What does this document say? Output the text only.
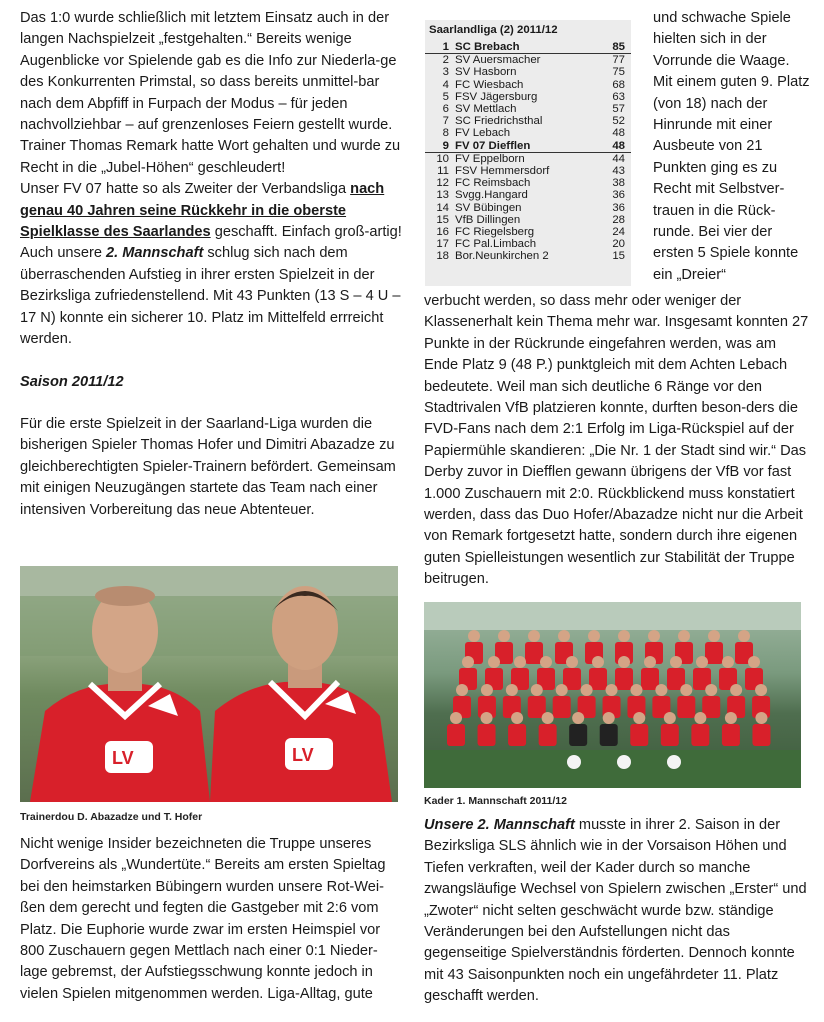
Das 1:0 wurde schließlich mit letztem Einsatz auch in der langen Nachspielzeit „festgehalten.“ Bereits wenige Augenblicke vor Spielende gab es die Info zur Niederla-ge des Konkurrenten Primstal, so dass bereits unmittel-bar nach dem Abpfiff in Furpach der Modus – für jeden nachvollziehbar – auf grenzenloses Feiern gestellt wurde. Trainer Thomas Remark hatte Wort gehalten und wurde zu Recht in die „Jubel-Höhen“ geschleudert!

Unser FV 07 hatte so als Zweiter der Verbandsliga nach genau 40 Jahren seine Rückkehr in die oberste Spielklasse des Saarlandes geschafft. Einfach groß-artig!

Auch unsere 2. Mannschaft schlug sich nach dem überraschenden Aufstieg in ihrer ersten Spielzeit in der Bezirksliga zufriedenstellend. Mit 43 Punkten (13 S – 4 U – 17 N) konnte ein sicherer 10. Platz im Mittelfeld errreicht werden.

Saison 2011/12

Für die erste Spielzeit in der Saarland-Liga wurden die bisherigen Spieler Thomas Hofer und Dimitri Abazadze zu gleichberechtigten Spieler-Trainern befördert. Gemeinsam mit einigen Neuzugängen startete das Team nach einer intensiven Vorbereitung das neue Abtenteuer.

LV	LV
Trainerdou D. Abazadze und T. Hofer

Nicht wenige Insider bezeichneten die Truppe unseres Dorfvereins als „Wundertüte.“ Bereits am ersten Spieltag bei den heimstarken Bübingern wurden unsere Rot-Wei-ßen dem gerecht und fegten die Gastgeber mit 2:6 vom Platz. Die Euphorie wurde zwar im ersten Heimspiel vor 800 Zuschauern gegen Mettlach nach einer 0:1 Nieder-lage gebremst, der Aufstiegsschwung konnte jedoch in vielen Spielen mitgenommen werden. Liga-Alltag, gute

Saarlandliga (2) 2011/12
1	SC Brebach	85
2	SV Auersmacher	77
3	SV Hasborn	75
4	FC Wiesbach	68
5	FSV Jägersburg	63
6	SV Mettlach	57
7	SC Friedrichsthal	52
8	FV Lebach	48
9	FV 07 Diefflen	48
10	FV Eppelborn	44
11	FSV Hemmersdorf	43
12	FC Reimsbach	38
13	Svgg.Hangard	36
14	SV Bübingen	36
15	VfB Dillingen	28
16	FC Riegelsberg	24
17	FC Pal.Limbach	20
18	Bor.Neunkirchen 2	15

und schwache Spiele hielten sich in der Vorrunde die Waage. Mit einem guten 9. Platz (von 18) nach der Hinrunde mit einer Ausbeute von 21 Punkten ging es zu Recht mit Selbstver-trauen in die Rück-runde. Bei vier der ersten 5 Spiele konnte ein „Dreier“

verbucht werden, so dass mehr oder weniger der Klassenerhalt kein Thema mehr war. Insgesamt konnten 27 Punkte in der Rückrunde eingefahren werden, was am Ende Platz 9 (48 P.) punktgleich mit dem Achten Lebach bedeutete. Weil man sich deutliche 6 Ränge vor den Stadtrivalen VfB platzieren konnte, durften beson-ders die FVD-Fans nach dem 2:1 Erfolg im Liga-Rückspiel auf der Papiermühle skandieren: „Die Nr. 1 der Stadt sind wir.“ Das Derby zuvor in Diefflen gewann übrigens der VfB vor fast 1.000 Zuschauern mit 2:0. Rückblickend muss konstatiert werden, dass das Duo Hofer/Abazadze nicht nur die Arbeit von Remark fortgesetzt hatte, sondern durch ihre eigenen guten Spielleistungen wesentlich zur Stabilität der Truppe beitrugen.

Kader 1. Mannschaft 2011/12

Unsere 2. Mannschaft musste in ihrer 2. Saison in der Bezirksliga SLS ähnlich wie in der Vorsaison Höhen und Tiefen verkraften, weil der Kader durch so manche zwangsläufige Wechsel von Spielern zwischen „Erster“ und „Zwoter“ nicht selten geschwächt wurde bzw. ständige Veränderungen bei den Aufstellungen nicht das gegenseitige Spielverständnis förderten. Dennoch konnte mit 43 Saisonpunkten noch ein ungefährdeter 11. Platz geschafft werden.
